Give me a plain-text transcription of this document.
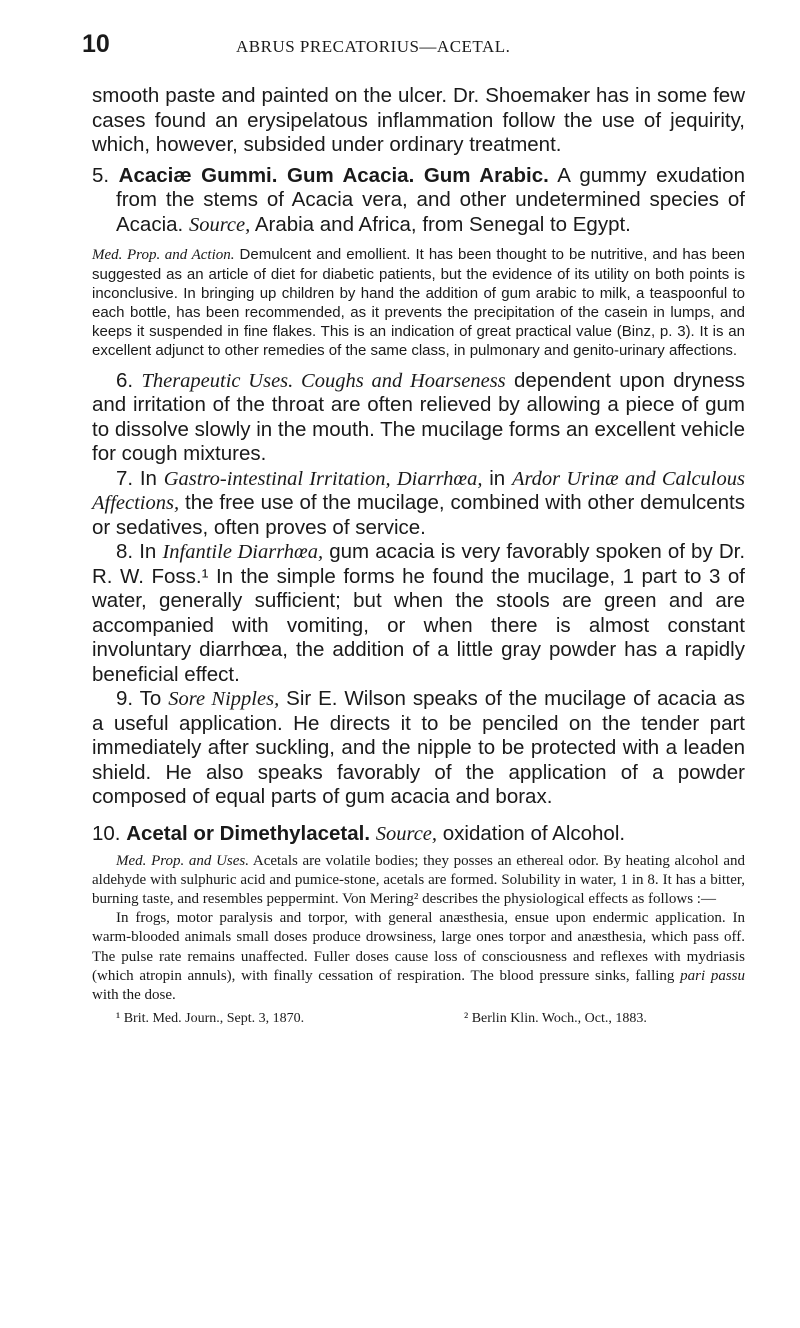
10	ABRUS PRECATORIUS—ACETAL.

smooth paste and painted on the ulcer. Dr. Shoemaker has in some few cases found an erysipelatous inflammation follow the use of jequirity, which, however, subsided under ordinary treatment.

5. Acaciæ Gummi. Gum Acacia. Gum Arabic. A gummy exudation from the stems of Acacia vera, and other undetermined species of Acacia. Source, Arabia and Africa, from Senegal to Egypt.

Med. Prop. and Action. Demulcent and emollient. It has been thought to be nutritive, and has been suggested as an article of diet for diabetic patients, but the evidence of its utility on both points is inconclusive. In bringing up children by hand the addition of gum arabic to milk, a teaspoonful to each bottle, has been recommended, as it prevents the precipitation of the casein in lumps, and keeps it suspended in fine flakes. This is an indication of great practical value (Binz, p. 3). It is an excellent adjunct to other remedies of the same class, in pulmonary and genito-urinary affections.

6. Therapeutic Uses. Coughs and Hoarseness dependent upon dryness and irritation of the throat are often relieved by allowing a piece of gum to dissolve slowly in the mouth. The mucilage forms an excellent vehicle for cough mixtures.

7. In Gastro-intestinal Irritation, Diarrhœa, in Ardor Urinæ and Calculous Affections, the free use of the mucilage, combined with other demulcents or sedatives, often proves of service.

8. In Infantile Diarrhœa, gum acacia is very favorably spoken of by Dr. R. W. Foss.¹ In the simple forms he found the mucilage, 1 part to 3 of water, generally sufficient; but when the stools are green and are accompanied with vomiting, or when there is almost constant involuntary diarrhœa, the addition of a little gray powder has a rapidly beneficial effect.

9. To Sore Nipples, Sir E. Wilson speaks of the mucilage of acacia as a useful application. He directs it to be penciled on the tender part immediately after suckling, and the nipple to be protected with a leaden shield. He also speaks favorably of the application of a powder composed of equal parts of gum acacia and borax.

10. Acetal or Dimethylacetal. Source, oxidation of Alcohol.

Med. Prop. and Uses. Acetals are volatile bodies; they posses an ethereal odor. By heating alcohol and aldehyde with sulphuric acid and pumice-stone, acetals are formed. Solubility in water, 1 in 8. It has a bitter, burning taste, and resembles peppermint. Von Mering² describes the physiological effects as follows :—

In frogs, motor paralysis and torpor, with general anæsthesia, ensue upon endermic application. In warm-blooded animals small doses produce drowsiness, large ones torpor and anæsthesia, which pass off. The pulse rate remains unaffected. Fuller doses cause loss of consciousness and reflexes with mydriasis (which atropin annuls), with finally cessation of respiration. The blood pressure sinks, falling pari passu with the dose.

¹ Brit. Med. Journ., Sept. 3, 1870.	² Berlin Klin. Woch., Oct., 1883.
